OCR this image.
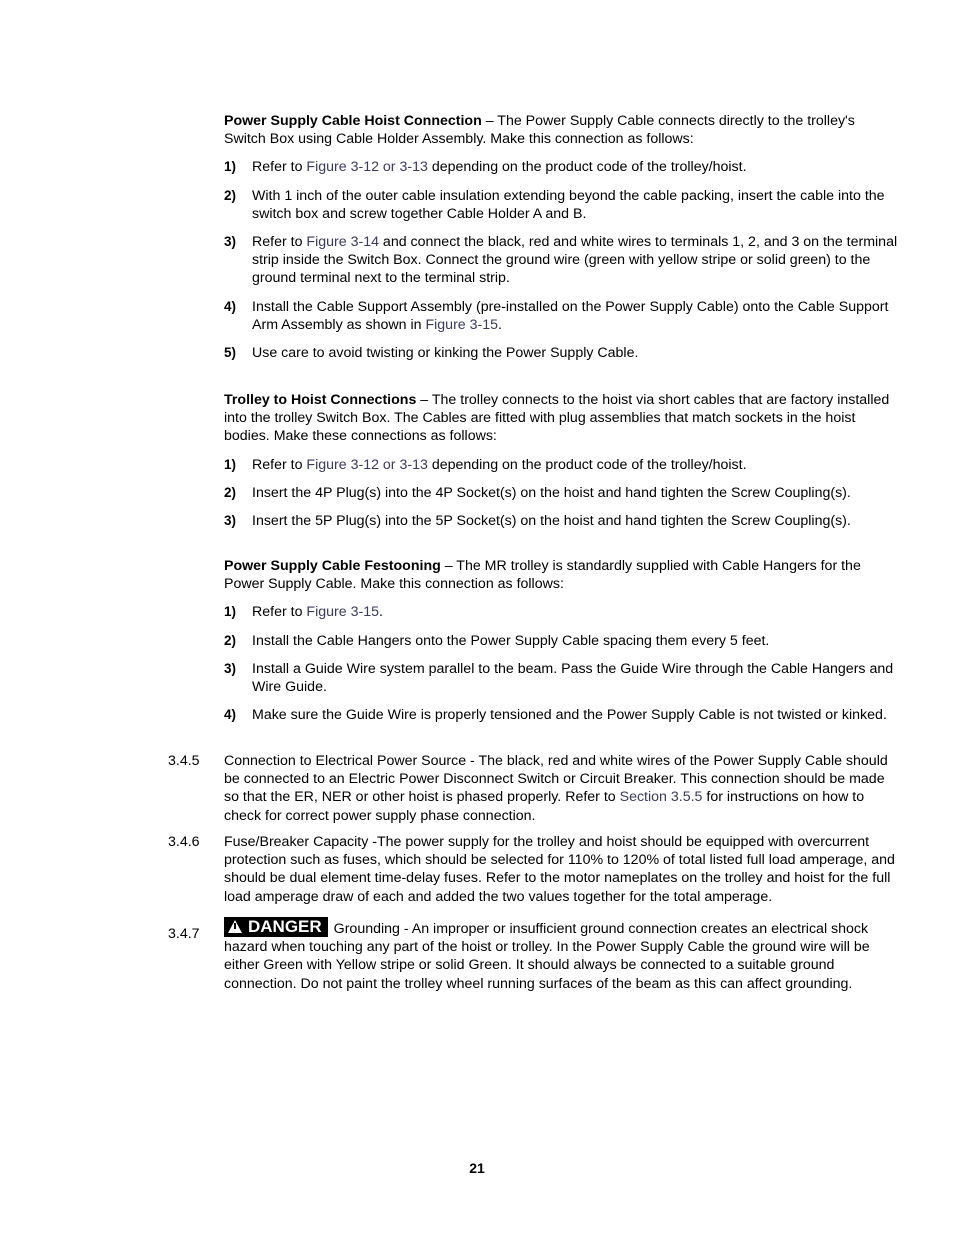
Power Supply Cable Hoist Connection – The Power Supply Cable connects directly to the trolley's Switch Box using Cable Holder Assembly. Make this connection as follows:

1) Refer to Figure 3-12 or 3-13 depending on the product code of the trolley/hoist.
2) With 1 inch of the outer cable insulation extending beyond the cable packing, insert the cable into the switch box and screw together Cable Holder A and B.
3) Refer to Figure 3-14 and connect the black, red and white wires to terminals 1, 2, and 3 on the terminal strip inside the Switch Box. Connect the ground wire (green with yellow stripe or solid green) to the ground terminal next to the terminal strip.
4) Install the Cable Support Assembly (pre-installed on the Power Supply Cable) onto the Cable Support Arm Assembly as shown in Figure 3-15.
5) Use care to avoid twisting or kinking the Power Supply Cable.

Trolley to Hoist Connections – The trolley connects to the hoist via short cables that are factory installed into the trolley Switch Box. The Cables are fitted with plug assemblies that match sockets in the hoist bodies. Make these connections as follows:

1) Refer to Figure 3-12 or 3-13 depending on the product code of the trolley/hoist.
2) Insert the 4P Plug(s) into the 4P Socket(s) on the hoist and hand tighten the Screw Coupling(s).
3) Insert the 5P Plug(s) into the 5P Socket(s) on the hoist and hand tighten the Screw Coupling(s).

Power Supply Cable Festooning – The MR trolley is standardly supplied with Cable Hangers for the Power Supply Cable. Make this connection as follows:

1) Refer to Figure 3-15.
2) Install the Cable Hangers onto the Power Supply Cable spacing them every 5 feet.
3) Install a Guide Wire system parallel to the beam. Pass the Guide Wire through the Cable Hangers and Wire Guide.
4) Make sure the Guide Wire is properly tensioned and the Power Supply Cable is not twisted or kinked.
3.4.5 Connection to Electrical Power Source - The black, red and white wires of the Power Supply Cable should be connected to an Electric Power Disconnect Switch or Circuit Breaker. This connection should be made so that the ER, NER or other hoist is phased properly. Refer to Section 3.5.5 for instructions on how to check for correct power supply phase connection.
3.4.6 Fuse/Breaker Capacity -The power supply for the trolley and hoist should be equipped with overcurrent protection such as fuses, which should be selected for 110% to 120% of total listed full load amperage, and should be dual element time-delay fuses. Refer to the motor nameplates on the trolley and hoist for the full load amperage draw of each and added the two values together for the total amperage.
3.4.7	DANGER Grounding - An improper or insufficient ground connection creates an electrical shock hazard when touching any part of the hoist or trolley. In the Power Supply Cable the ground wire will be either Green with Yellow stripe or solid Green. It should always be connected to a suitable ground connection. Do not paint the trolley wheel running surfaces of the beam as this can affect grounding.
21
